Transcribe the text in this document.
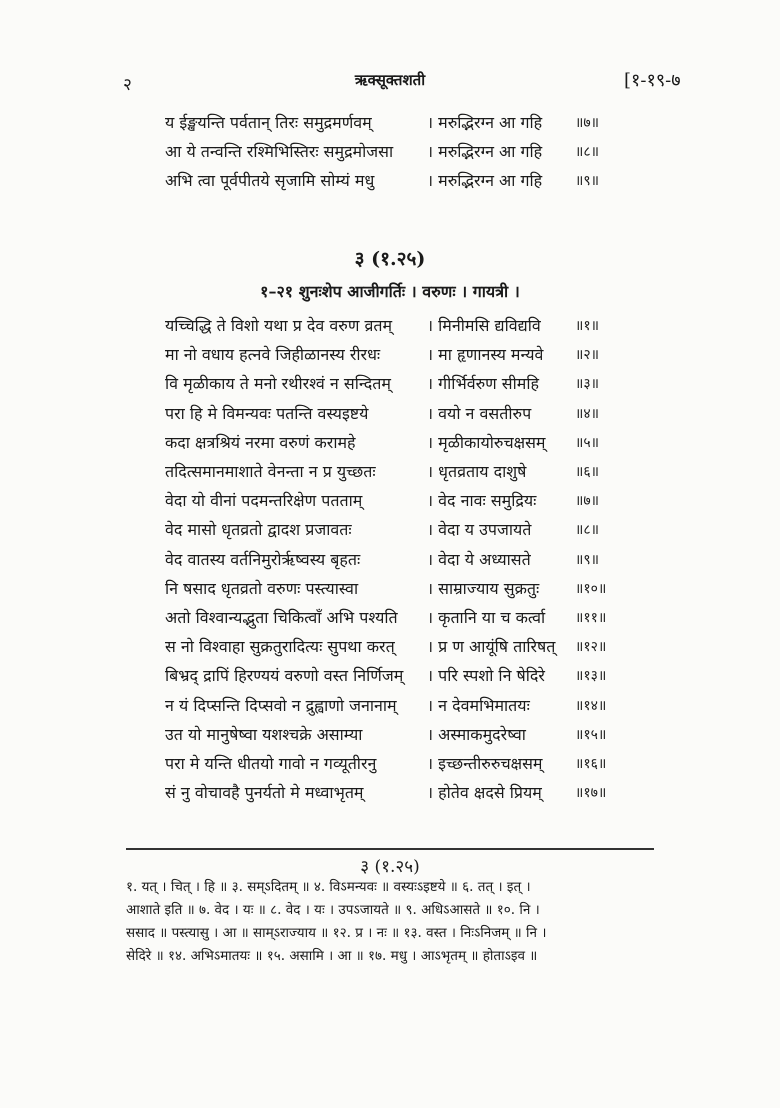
२	ऋक्सूक्तशती	[१-१९-७
य ईङ्खयन्ति पर्वतान् तिरः समुद्रमर्णवम्	। मरुद्भिरग्न आ गहि ॥७॥
आ ये तन्वन्ति रश्मिभिस्तिरः समुद्रमोजसा । मरुद्भिरग्न आ गहि ॥८॥
अभि त्वा पूर्वपीतये सृजामि सोम्यं मधु	। मरुद्भिरग्न आ गहि ॥९॥
३ (१.२५)
१–२१ शुनःशेप आजीगर्तिः । वरुणः । गायत्री ।
यच्चिद्धि ते विशो यथा प्र देव वरुण व्रतम् । मिनीमसि द्यविद्यवि ॥१॥
मा नो वधाय हत्नवे जिहीळानस्य रीरधः	। मा हृणानस्य मन्यवे ॥२॥
वि मृळीकाय ते मनो रथीरश्वं न सन्दितम् । गीर्भिर्वरुण सीमहि	॥३॥
परा हि मे विमन्यवः पतन्ति वस्यइष्टये	। वयो न वसतीरुप	॥४॥
कदा क्षत्रश्रियं नरमा वरुणं करामहे	। मृळीकायोरुचक्षसम् ॥५॥
तदित्समानमाशाते वेनन्ता न प्र युच्छतः	। धृतव्रताय दाशुषे	॥६॥
वेदा यो वीनां पदमन्तरिक्षेण पतताम्	। वेद नावः समुद्रियः	॥७॥
वेद मासो धृतव्रतो द्वादश प्रजावतः	। वेदा य उपजायते	॥८॥
वेद वातस्य वर्तनिमुरोर्ऋष्वस्य बृहतः	। वेदा ये अध्यासते	॥९॥
नि षसाद धृतव्रतो वरुणः पस्त्यास्वा	। साम्राज्याय सुक्रतुः	॥१०॥
अतो विश्वान्यद्भुता चिकित्वाँ अभि पश्यति । कृतानि या च कर्त्वा ॥११॥
स नो विश्वाहा सुक्रतुरादित्यः सुपथा करत् । प्र ण आयूंषि तारिषत् ॥१२॥
बिभ्रद् द्रापिं हिरण्ययं वरुणो वस्त निर्णिजम् । परि स्पशो नि षेदिरे ॥१३॥
न यं दिप्सन्ति दिप्सवो न द्रुह्वाणो जनानाम् । न देवमभिमातयः	॥१४॥
उत यो मानुषेष्वा यशश्चक्रे असाम्या	। अस्माकमुदरेष्वा	॥१५॥
परा मे यन्ति धीतयो गावो न गव्यूतीरनु	। इच्छन्तीरुरुचक्षसम् ॥१६॥
सं नु वोचावहै पुनर्यतो मे मध्वाभृतम्	। होतेव क्षदसे प्रियम् ॥१७॥
३ (१.२५)
१. यत् । चित् । हि ॥ ३. सम्ऽदितम् ॥ ४. विऽमन्यवः ॥ वस्यःऽइष्टये ॥ ६. तत् । इत् ।
आशाते इति ॥ ७. वेद । यः ॥ ८. वेद । यः । उपऽजायते ॥ ९. अधिऽआसते ॥ १०. नि ।
ससाद ॥ पस्त्यासु । आ ॥ साम्ऽराज्याय ॥ १२. प्र । नः ॥ १३. वस्त । निःऽनिजम् ॥ नि ।
सेदिरे ॥ १४. अभिऽमातयः ॥ १५. असामि । आ ॥ १७. मधु । आऽभृतम् ॥ होताऽइव ॥
